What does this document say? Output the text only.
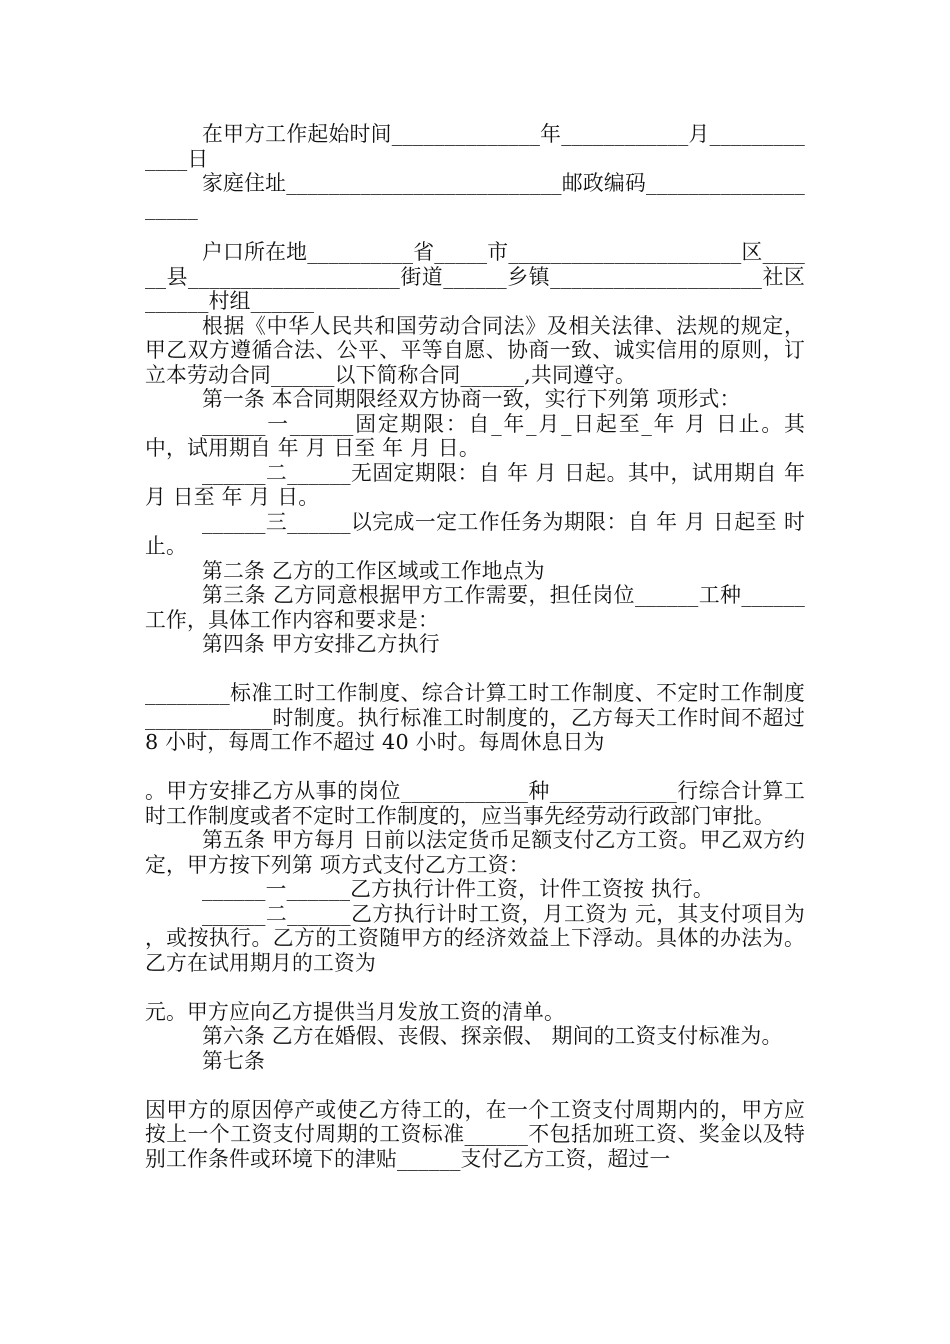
在甲方工作起始时间______________年____________月_____________日

家庭住址__________________________邮政编码____________________

户口所在地__________省_____市______________________区______县____________________街道______乡镇____________________社区______村组______

根据《中华人民共和国劳动合同法》及相关法律、法规的规定，甲乙双方遵循合法、公平、平等自愿、协商一致、诚实信用的原则，订立本劳动合同______以下简称合同______,共同遵守。

第一条 本合同期限经双方协商一致，实行下列第 项形式：

______一______固定期限：自_年_月_日起至_年 月 日止。其中，试用期自 年 月 日至 年 月 日。

______二______无固定期限：自 年 月 日起。其中，试用期自 年 月 日至 年 月 日。

______三______以完成一定工作任务为期限：自 年 月 日起至 时止。

第二条 乙方的工作区域或工作地点为

第三条 乙方同意根据甲方工作需要，担任岗位______工种______工作，具体工作内容和要求是：

第四条 甲方安排乙方执行

________标准工时工作制度、综合计算工时工作制度、不定时工作制度____________时制度。执行标准工时制度的，乙方每天工作时间不超过 8 小时，每周工作不超过 40 小时。每周休息日为

。甲方安排乙方从事的岗位____________种____________行综合计算工时工作制度或者不定时工作制度的，应当事先经劳动行政部门审批。

第五条 甲方每月 日前以法定货币足额支付乙方工资。甲乙双方约定，甲方按下列第 项方式支付乙方工资：

______一______乙方执行计件工资，计件工资按 执行。

______二______乙方执行计时工资，月工资为 元，其支付项目为 ，或按执行。乙方的工资随甲方的经济效益上下浮动。具体的办法为。乙方在试用期月的工资为

元。甲方应向乙方提供当月发放工资的清单。

第六条 乙方在婚假、丧假、探亲假、 期间的工资支付标准为。

第七条

因甲方的原因停产或使乙方待工的，在一个工资支付周期内的，甲方应按上一个工资支付周期的工资标准______不包括加班工资、奖金以及特别工作条件或环境下的津贴______支付乙方工资，超过一
